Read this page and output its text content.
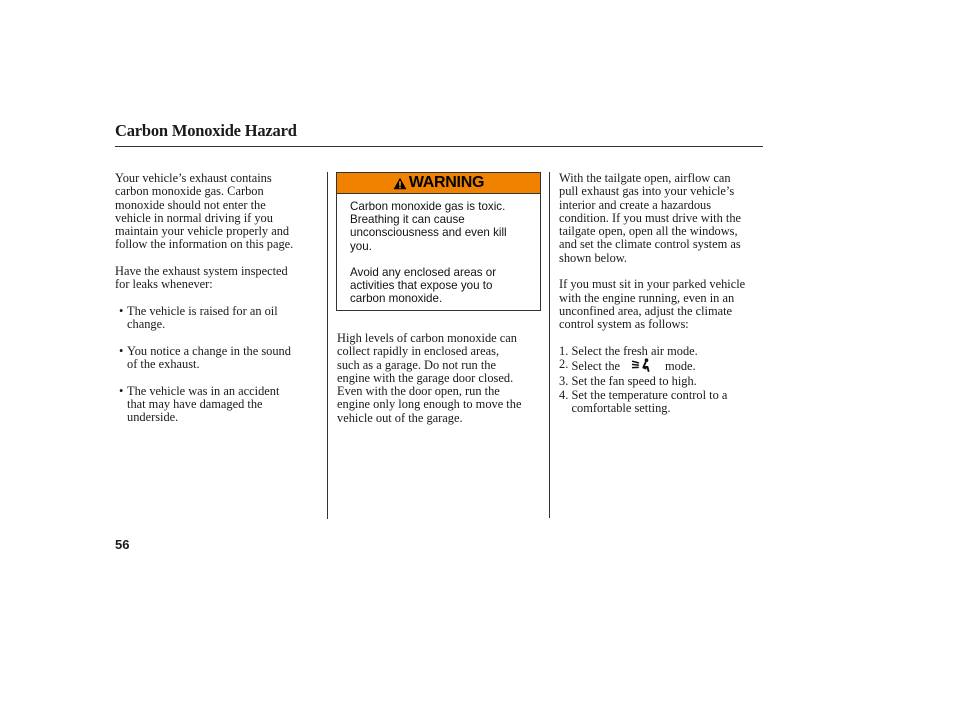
Carbon Monoxide Hazard

Your vehicle’s exhaust contains
carbon monoxide gas. Carbon
monoxide should not enter the
vehicle in normal driving if you
maintain your vehicle properly and
follow the information on this page.

Have the exhaust system inspected
for leaks whenever:

• The vehicle is raised for an oil
change.
• You notice a change in the sound
of the exhaust.
• The vehicle was in an accident
that may have damaged the
underside.
WARNING

Carbon monoxide gas is toxic.
Breathing it can cause
unconsciousness and even kill
you.

Avoid any enclosed areas or
activities that expose you to
carbon monoxide.

High levels of carbon monoxide can
collect rapidly in enclosed areas,
such as a garage. Do not run the
engine with the garage door closed.
Even with the door open, run the
engine only long enough to move the
vehicle out of the garage.

With the tailgate open, airflow can
pull exhaust gas into your vehicle’s
interior and create a hazardous
condition. If you must drive with the
tailgate open, open all the windows,
and set the climate control system as
shown below.

If you must sit in your parked vehicle
with the engine running, even in an
unconfined area, adjust the climate
control system as follows:

1. Select the fresh air mode.
2. Select the	mode.
3. Set the fan speed to high.
4. Set the temperature control to a
comfortable setting.
56
